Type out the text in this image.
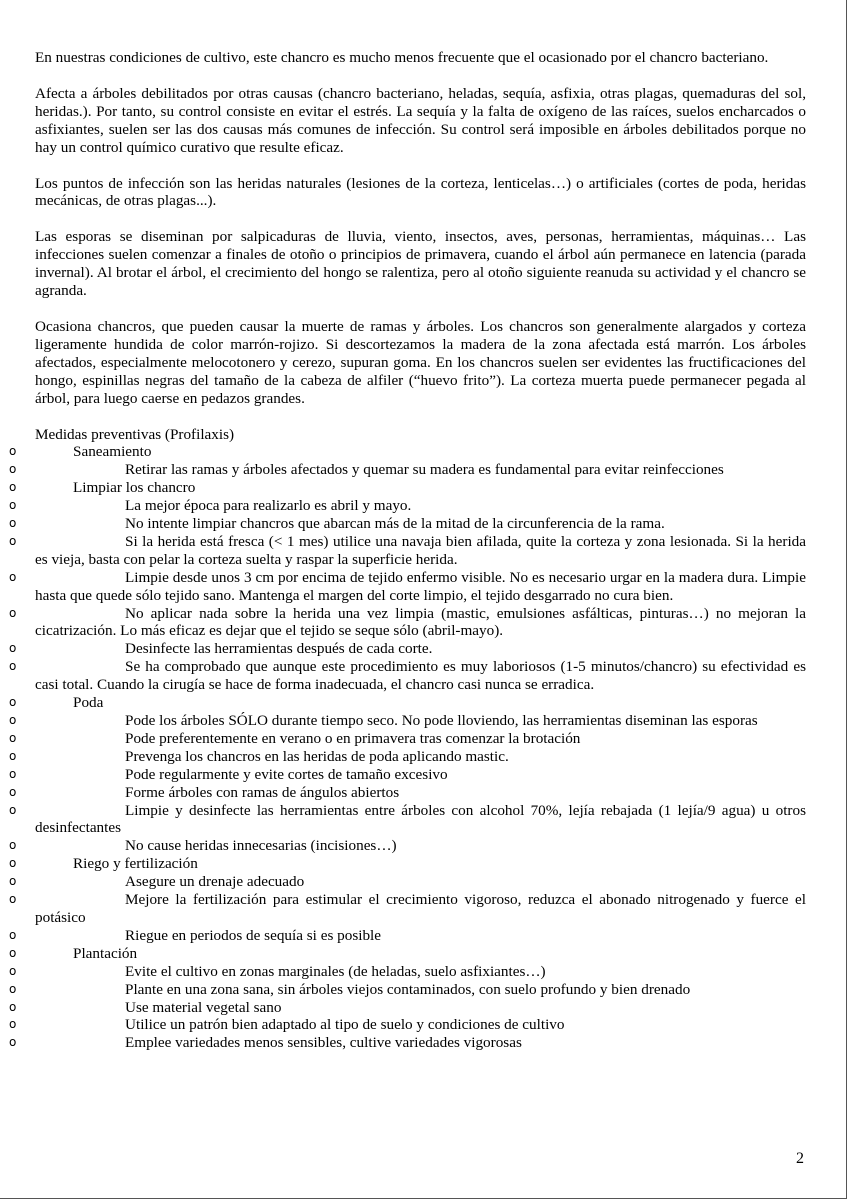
En nuestras condiciones de cultivo, este chancro es mucho menos frecuente que el ocasionado por el chancro bacteriano.

Afecta a árboles debilitados por otras causas (chancro bacteriano, heladas, sequía, asfixia, otras plagas, quemaduras del sol, heridas.). Por tanto, su control consiste en evitar el estrés. La sequía y la falta de oxígeno de las raíces, suelos encharcados o asfixiantes, suelen ser las dos causas más comunes de infección. Su control será imposible en árboles debilitados porque no hay un control químico curativo que resulte eficaz.

Los puntos de infección son las heridas naturales (lesiones de la corteza, lenticelas…) o artificiales (cortes de poda, heridas mecánicas, de otras plagas...).

Las esporas se diseminan por salpicaduras de lluvia, viento, insectos, aves, personas, herramientas, máquinas… Las infecciones suelen comenzar a finales de otoño o principios de primavera, cuando el árbol aún permanece en latencia (parada invernal). Al brotar el árbol, el crecimiento del hongo se ralentiza, pero al otoño siguiente reanuda su actividad y el chancro se agranda.

Ocasiona chancros, que pueden causar la muerte de ramas y árboles. Los chancros son generalmente alargados y corteza ligeramente hundida de color marrón-rojizo. Si descortezamos la madera de la zona afectada está marrón. Los árboles afectados, especialmente melocotonero y cerezo, supuran goma. En los chancros suelen ser evidentes las fructificaciones del hongo, espinillas negras del tamaño de la cabeza de alfiler (“huevo frito”). La corteza muerta puede permanecer pegada al árbol, para luego caerse en pedazos grandes.

Medidas preventivas (Profilaxis)
o	Saneamiento
o	Retirar las ramas y árboles afectados y quemar su madera es fundamental para evitar reinfecciones
o	Limpiar los chancro
o	La mejor época para realizarlo es abril y mayo.
o	No intente limpiar chancros que abarcan más de la mitad de la circunferencia de la rama.
o	Si la herida está fresca (< 1 mes) utilice una navaja bien afilada, quite la corteza y zona lesionada. Si la herida es vieja, basta con pelar la corteza suelta y raspar la superficie herida.
o	Limpie desde unos 3 cm por encima de tejido enfermo visible. No es necesario urgar en la madera dura. Limpie hasta que quede sólo tejido sano. Mantenga el margen del corte limpio, el tejido desgarrado no cura bien.
o	No aplicar nada sobre la herida una vez limpia (mastic, emulsiones asfálticas, pinturas…) no mejoran la cicatrización. Lo más eficaz es dejar que el tejido se seque sólo (abril-mayo).
o	Desinfecte las herramientas después de cada corte.
o	Se ha comprobado que aunque este procedimiento es muy laboriosos (1-5 minutos/chancro) su efectividad es casi total. Cuando la cirugía se hace de forma inadecuada, el chancro casi nunca se erradica.
o	Poda
o	Pode los árboles SÓLO durante tiempo seco. No pode lloviendo, las herramientas diseminan las esporas
o	Pode preferentemente en verano o en primavera tras comenzar la brotación
o	Prevenga los chancros en las heridas de poda aplicando mastic.
o	Pode regularmente y evite cortes de tamaño excesivo
o	Forme árboles con ramas de ángulos abiertos
o	Limpie y desinfecte las herramientas entre árboles con alcohol 70%, lejía rebajada (1 lejía/9 agua) u otros desinfectantes
o	No cause heridas innecesarias (incisiones…)
o	Riego y fertilización
o	Asegure un drenaje adecuado
o	Mejore la fertilización para estimular el crecimiento vigoroso, reduzca el abonado nitrogenado y fuerce el potásico
o	Riegue en periodos de sequía si es posible
o	Plantación
o	Evite el cultivo en zonas marginales (de heladas, suelo asfixiantes…)
o	Plante en una zona sana, sin árboles viejos contaminados, con suelo profundo y bien drenado
o	Use material vegetal sano
o	Utilice un patrón bien adaptado al tipo de suelo y condiciones de cultivo
o	Emplee variedades menos sensibles, cultive variedades vigorosas
2
